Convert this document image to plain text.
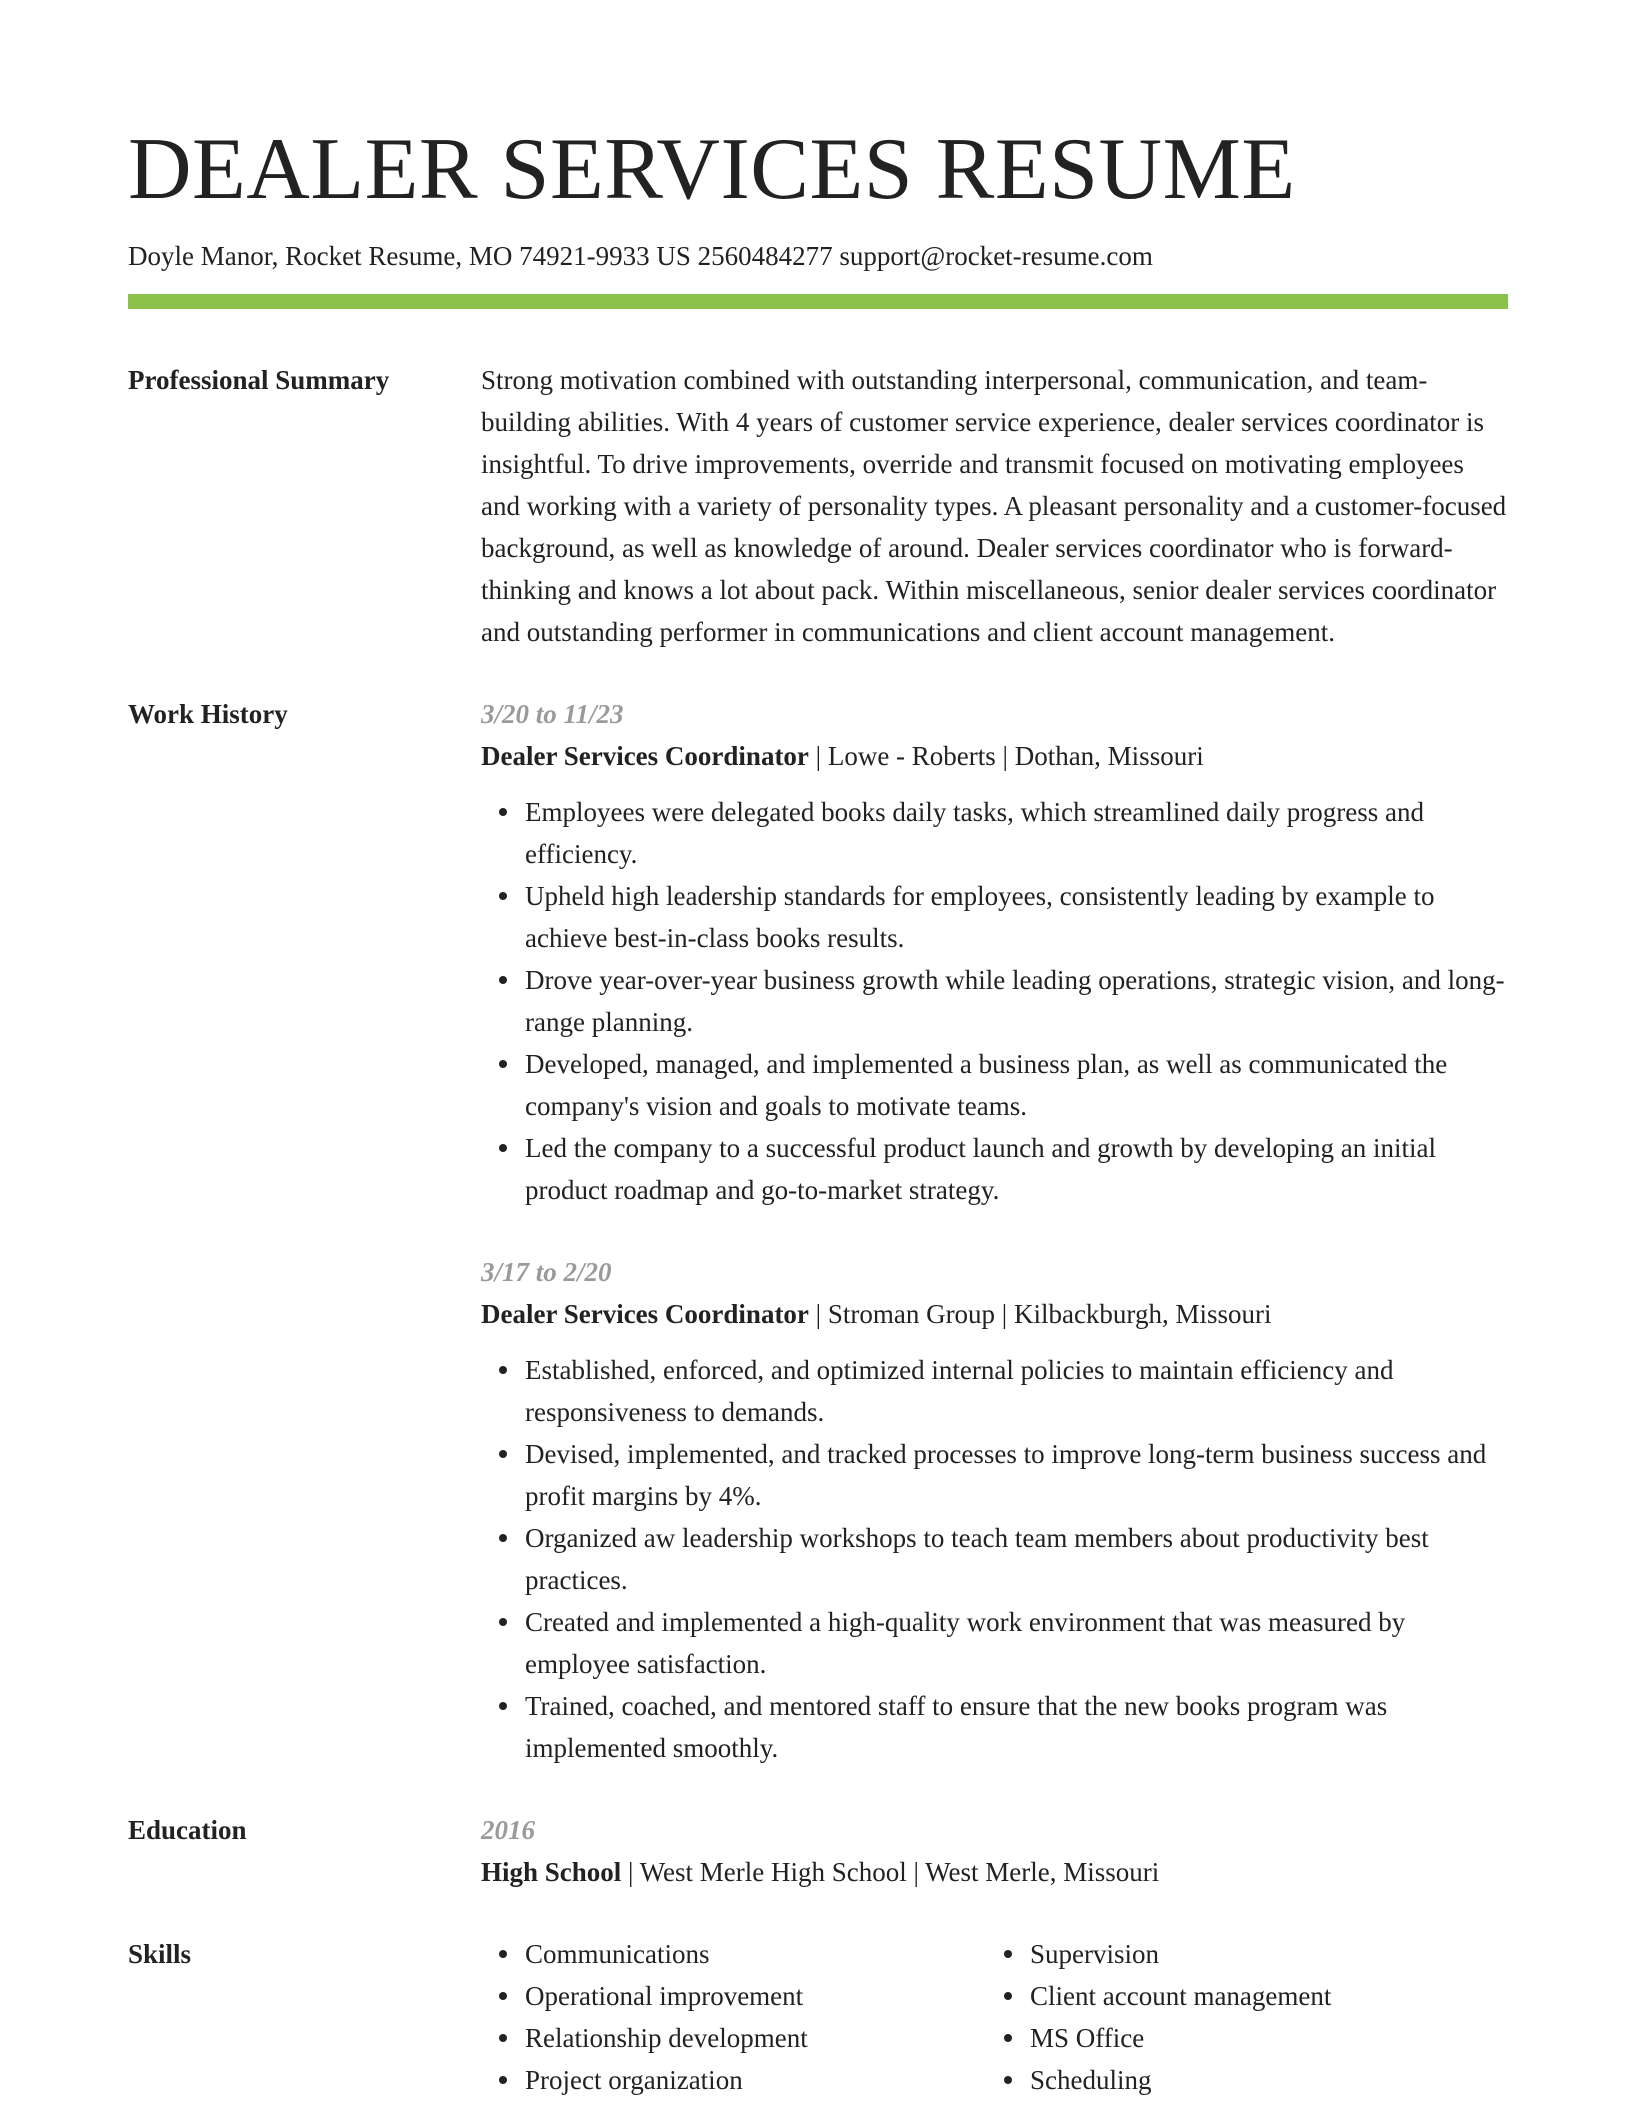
DEALER SERVICES RESUME
Doyle Manor, Rocket Resume, MO 74921-9933 US 2560484277 support@rocket-resume.com
Professional Summary	Strong motivation combined with outstanding interpersonal, communication, and team-building abilities. With 4 years of customer service experience, dealer services coordinator is insightful. To drive improvements, override and transmit focused on motivating employees and working with a variety of personality types. A pleasant personality and a customer-focused background, as well as knowledge of around. Dealer services coordinator who is forward-thinking and knows a lot about pack. Within miscellaneous, senior dealer services coordinator and outstanding performer in communications and client account management.

Work History	3/20 to 11/23
Dealer Services Coordinator | Lowe - Roberts | Dothan, Missouri
Employees were delegated books daily tasks, which streamlined daily progress and efficiency.
Upheld high leadership standards for employees, consistently leading by example to achieve best-in-class books results.
Drove year-over-year business growth while leading operations, strategic vision, and long-range planning.
Developed, managed, and implemented a business plan, as well as communicated the company's vision and goals to motivate teams.
Led the company to a successful product launch and growth by developing an initial product roadmap and go-to-market strategy.
3/17 to 2/20
Dealer Services Coordinator | Stroman Group | Kilbackburgh, Missouri
Established, enforced, and optimized internal policies to maintain efficiency and responsiveness to demands.
Devised, implemented, and tracked processes to improve long-term business success and profit margins by 4%.
Organized aw leadership workshops to teach team members about productivity best practices.
Created and implemented a high-quality work environment that was measured by employee satisfaction.
Trained, coached, and mentored staff to ensure that the new books program was implemented smoothly.
Education	2016
High School | West Merle High School | West Merle, Missouri
Skills	Communications
Operational improvement
Relationship development
Project organization
Supervision
Client account management
MS Office
Scheduling
